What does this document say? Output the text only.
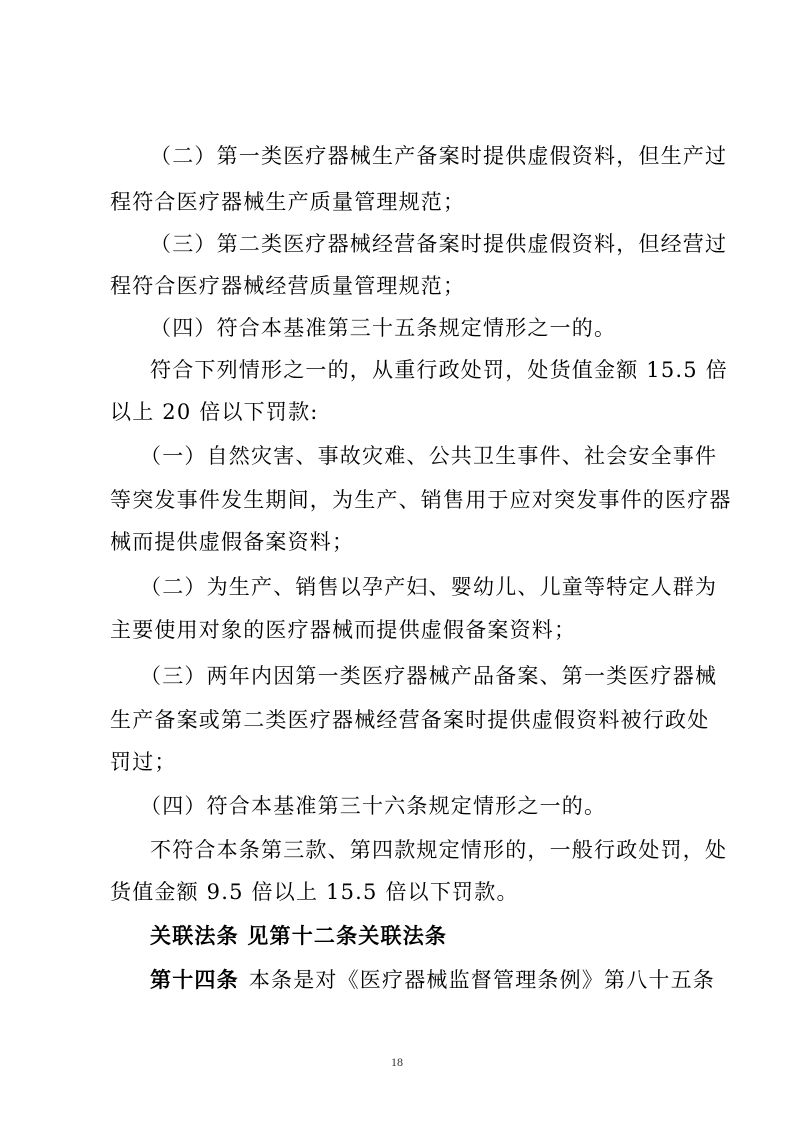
（二）第一类医疗器械生产备案时提供虚假资料，但生产过
程符合医疗器械生产质量管理规范；
（三）第二类医疗器械经营备案时提供虚假资料，但经营过
程符合医疗器械经营质量管理规范；
（四）符合本基准第三十五条规定情形之一的。
符合下列情形之一的，从重行政处罚，处货值金额 15.5 倍
以上 20 倍以下罚款:
（一）自然灾害、事故灾难、公共卫生事件、社会安全事件
等突发事件发生期间，为生产、销售用于应对突发事件的医疗器
械而提供虚假备案资料；
（二）为生产、销售以孕产妇、婴幼儿、儿童等特定人群为
主要使用对象的医疗器械而提供虚假备案资料；
（三）两年内因第一类医疗器械产品备案、第一类医疗器械
生产备案或第二类医疗器械经营备案时提供虚假资料被行政处
罚过；
（四）符合本基准第三十六条规定情形之一的。
不符合本条第三款、第四款规定情形的，一般行政处罚，处
货值金额 9.5 倍以上 15.5 倍以下罚款。
关联法条 见第十二条关联法条
第十四条 本条是对《医疗器械监督管理条例》第八十五条
18
